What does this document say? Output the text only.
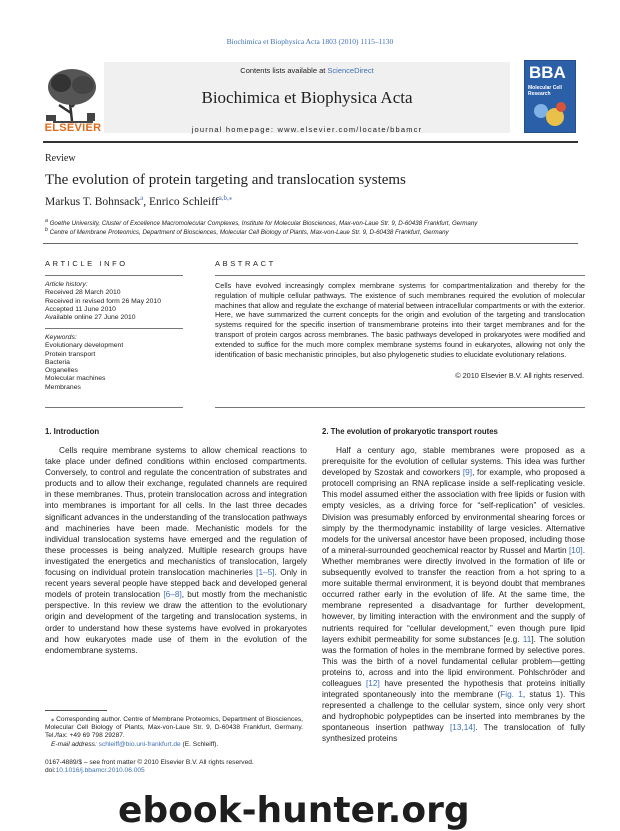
Biochimica et Biophysica Acta 1803 (2010) 1115–1130
ELSEVIER
Contents lists available at ScienceDirect
Biochimica et Biophysica Acta
journal homepage: www.elsevier.com/locate/bbamcr
BBA
Molecular Cell Research
Review
The evolution of protein targeting and translocation systems
Markus T. Bohnsack$^a$, Enrico Schleiff$^{a,b,⁎}$
$^a$ Goethe University, Cluster of Excellence Macromolecular Complexes, Institute for Molecular Biosciences, Max-von-Laue Str. 9, D-60438 Frankfurt, Germany
$^b$ Centre of Membrane Proteomics, Department of Biosciences, Molecular Cell Biology of Plants, Max-von-Laue Str. 9, D-60438 Frankfurt, Germany
ARTICLE INFO
Article history:
Received 28 March 2010
Received in revised form 26 May 2010
Accepted 11 June 2010
Available online 27 June 2010
Keywords:
Evolutionary development
Protein transport
Bacteria
Organelles
Molecular machines
Membranes
ABSTRACT
Cells have evolved increasingly complex membrane systems for compartmentalization and thereby for the regulation of multiple cellular pathways. The existence of such membranes required the evolution of molecular machines that allow and regulate the exchange of material between intracellular compartments or with the exterior. Here, we have summarized the current concepts for the origin and evolution of the targeting and translocation systems required for the specific insertion of transmembrane proteins into their target membranes and for the transport of protein cargos across membranes. The basic pathways developed in prokaryotes were modified and extended to suffice for the much more complex membrane systems found in eukaryotes, allowing not only the identification of basic mechanistic principles, but also phylogenetic studies to elucidate evolutionary relations.
© 2010 Elsevier B.V. All rights reserved.
1. Introduction

Cells require membrane systems to allow chemical reactions to take place under defined conditions within enclosed compartments. Conversely, to control and regulate the concentration of substrates and products and to allow their exchange, regulated channels are required in these membranes. Thus, protein translocation across and integration into membranes is important for all cells. In the last three decades significant advances in the understanding of the translocation pathways and machineries have been made. Mechanistic models for the individual translocation systems have emerged and the regulation of these processes is being analyzed. Multiple research groups have investigated the energetics and mechanistics of translocation, largely focusing on individual protein translocation machineries [1–5]. Only in recent years several people have stepped back and developed general models of protein translocation [6–8], but mostly from the mechanistic perspective. In this review we draw the attention to the evolutionary origin and development of the targeting and translocation systems, in order to understand how these systems have evolved in prokaryotes and how eukaryotes made use of them in the evolution of the endomembrane systems.

2. The evolution of prokaryotic transport routes

Half a century ago, stable membranes were proposed as a prerequisite for the evolution of cellular systems. This idea was further developed by Szostak and coworkers [9], for example, who proposed a protocell comprising an RNA replicase inside a self-replicating vesicle. This model assumed either the association with free lipids or fusion with empty vesicles, as a driving force for “self-replication” of vesicles. Division was presumably enforced by environmental shearing forces or simply by the thermodynamic instability of large vesicles. Alternative models for the universal ancestor have been proposed, including those of a mineral-surrounded geochemical reactor by Russel and Martin [10]. Whether membranes were directly involved in the formation of life or subsequently evolved to transfer the reaction from a hot spring to a more suitable thermal environment, it is beyond doubt that membranes occurred rather early in the evolution of life. At the same time, the membrane represented a disadvantage for further development, however, by limiting interaction with the environment and the supply of nutrients required for “cellular development,” even though pure lipid layers exhibit permeability for some substances [e.g. 11]. The solution was the formation of holes in the membrane formed by selective pores. This was the birth of a novel fundamental cellular problem—getting proteins to, across and into the lipid environment. Pohlschröder and colleagues [12] have presented the hypothesis that proteins initially integrated spontaneously into the membrane (Fig. 1, status 1). This represented a challenge to the cellular system, since only very short and hydrophobic polypeptides can be inserted into membranes by the spontaneous insertion pathway [13,14]. The translocation of fully synthesized proteins

⁎ Corresponding author. Centre of Membrane Proteomics, Department of Biosciences, Molecular Cell Biology of Plants, Max-von-Laue Str. 9, D-60438 Frankfurt, Germany. Tel./fax: +49 69 798 29287.
E-mail address: schleiff@bio.uni-frankfurt.de (E. Schleiff).
0167-4889/$ – see front matter © 2010 Elsevier B.V. All rights reserved.
doi:10.1016/j.bbamcr.2010.06.005
ebook-hunter.org
